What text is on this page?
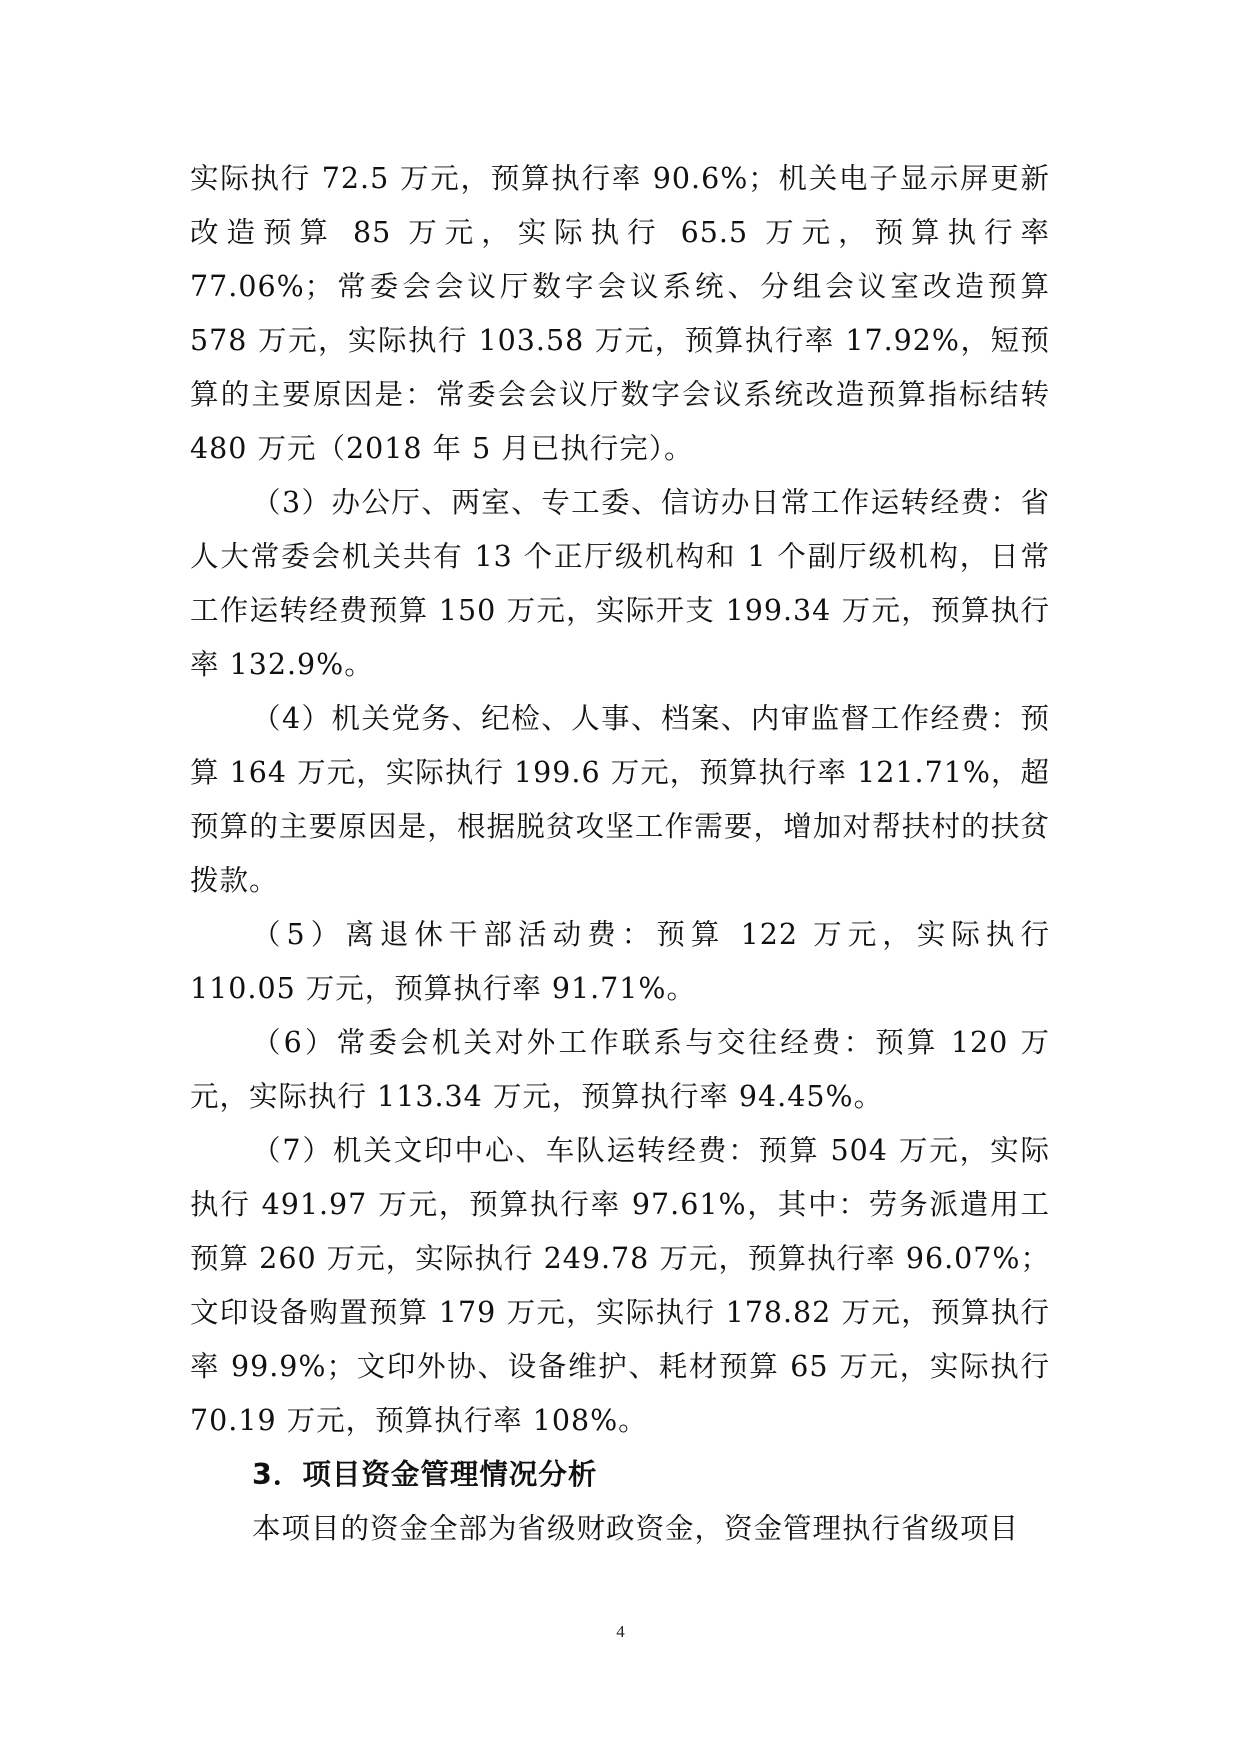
实际执行 72.5 万元，预算执行率 90.6%；机关电子显示屏更新改造预算 85 万元，实际执行 65.5 万元，预算执行率 77.06%；常委会会议厅数字会议系统、分组会议室改造预算 578 万元，实际执行 103.58 万元，预算执行率 17.92%，短预算的主要原因是：常委会会议厅数字会议系统改造预算指标结转 480 万元（2018 年 5 月已执行完）。

（3）办公厅、两室、专工委、信访办日常工作运转经费：省人大常委会机关共有 13 个正厅级机构和 1 个副厅级机构，日常工作运转经费预算 150 万元，实际开支 199.34 万元，预算执行率 132.9%。

（4）机关党务、纪检、人事、档案、内审监督工作经费：预算 164 万元，实际执行 199.6 万元，预算执行率 121.71%，超预算的主要原因是，根据脱贫攻坚工作需要，增加对帮扶村的扶贫拨款。

（5）离退休干部活动费：预算 122 万元，实际执行 110.05 万元，预算执行率 91.71%。

（6）常委会机关对外工作联系与交往经费：预算 120 万元，实际执行 113.34 万元，预算执行率 94.45%。

（7）机关文印中心、车队运转经费：预算 504 万元，实际执行 491.97 万元，预算执行率 97.61%，其中：劳务派遣用工预算 260 万元，实际执行 249.78 万元，预算执行率 96.07%；文印设备购置预算 179 万元，实际执行 178.82 万元，预算执行率 99.9%；文印外协、设备维护、耗材预算 65 万元，实际执行 70.19 万元，预算执行率 108%。

3．项目资金管理情况分析

本项目的资金全部为省级财政资金，资金管理执行省级项目

4
